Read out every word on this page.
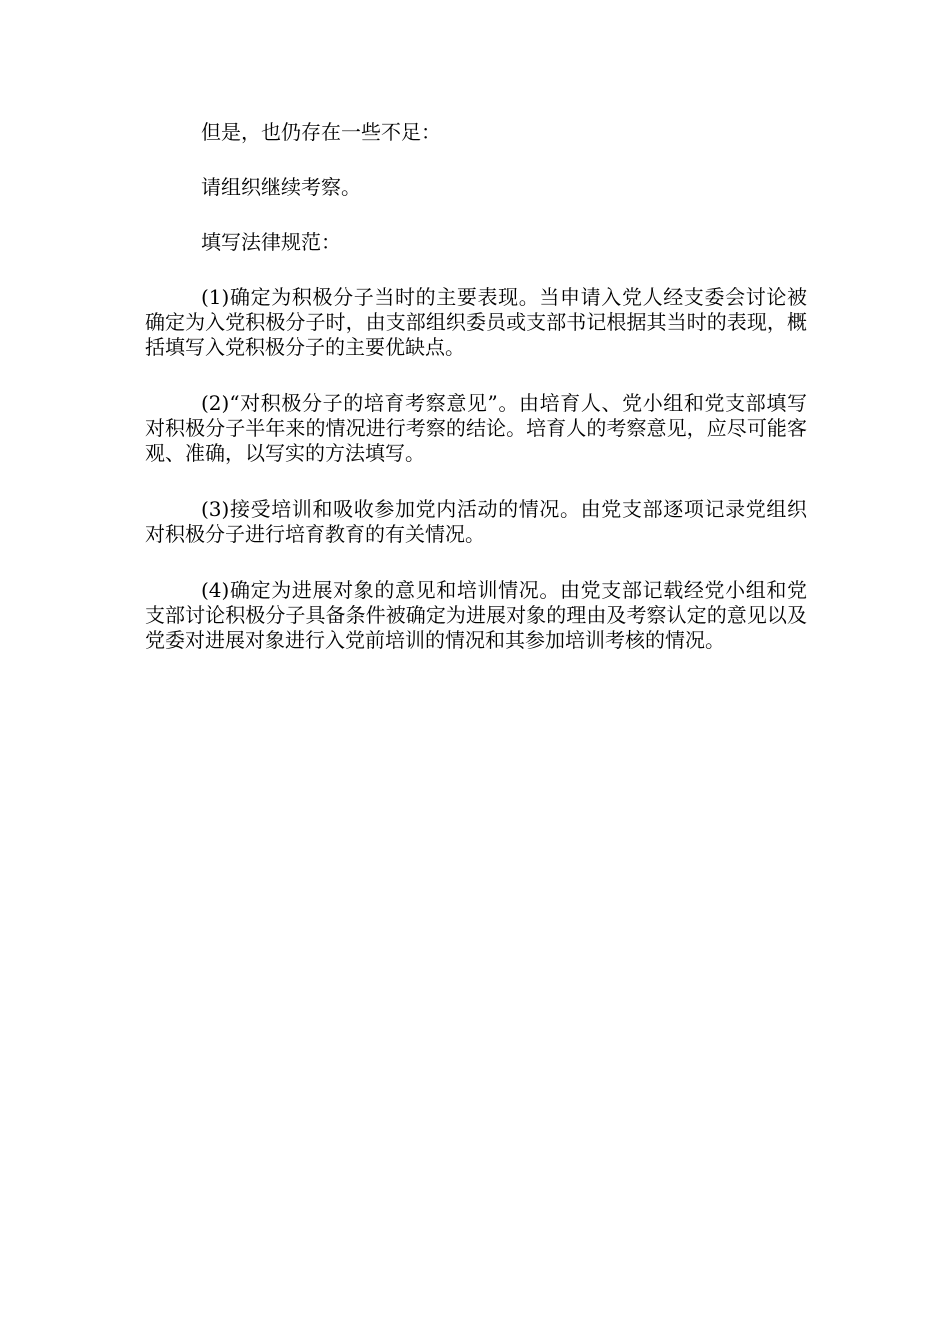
但是，也仍存在一些不足：

请组织继续考察。

填写法律规范：

(1)确定为积极分子当时的主要表现。当申请入党人经支委会讨论被确定为入党积极分子时，由支部组织委员或支部书记根据其当时的表现，概括填写入党积极分子的主要优缺点。

(2)“对积极分子的培育考察意见”。由培育人、党小组和党支部填写对积极分子半年来的情况进行考察的结论。培育人的考察意见，应尽可能客观、准确，以写实的方法填写。

(3)接受培训和吸收参加党内活动的情况。由党支部逐项记录党组织对积极分子进行培育教育的有关情况。

(4)确定为进展对象的意见和培训情况。由党支部记载经党小组和党支部讨论积极分子具备条件被确定为进展对象的理由及考察认定的意见以及党委对进展对象进行入党前培训的情况和其参加培训考核的情况。
